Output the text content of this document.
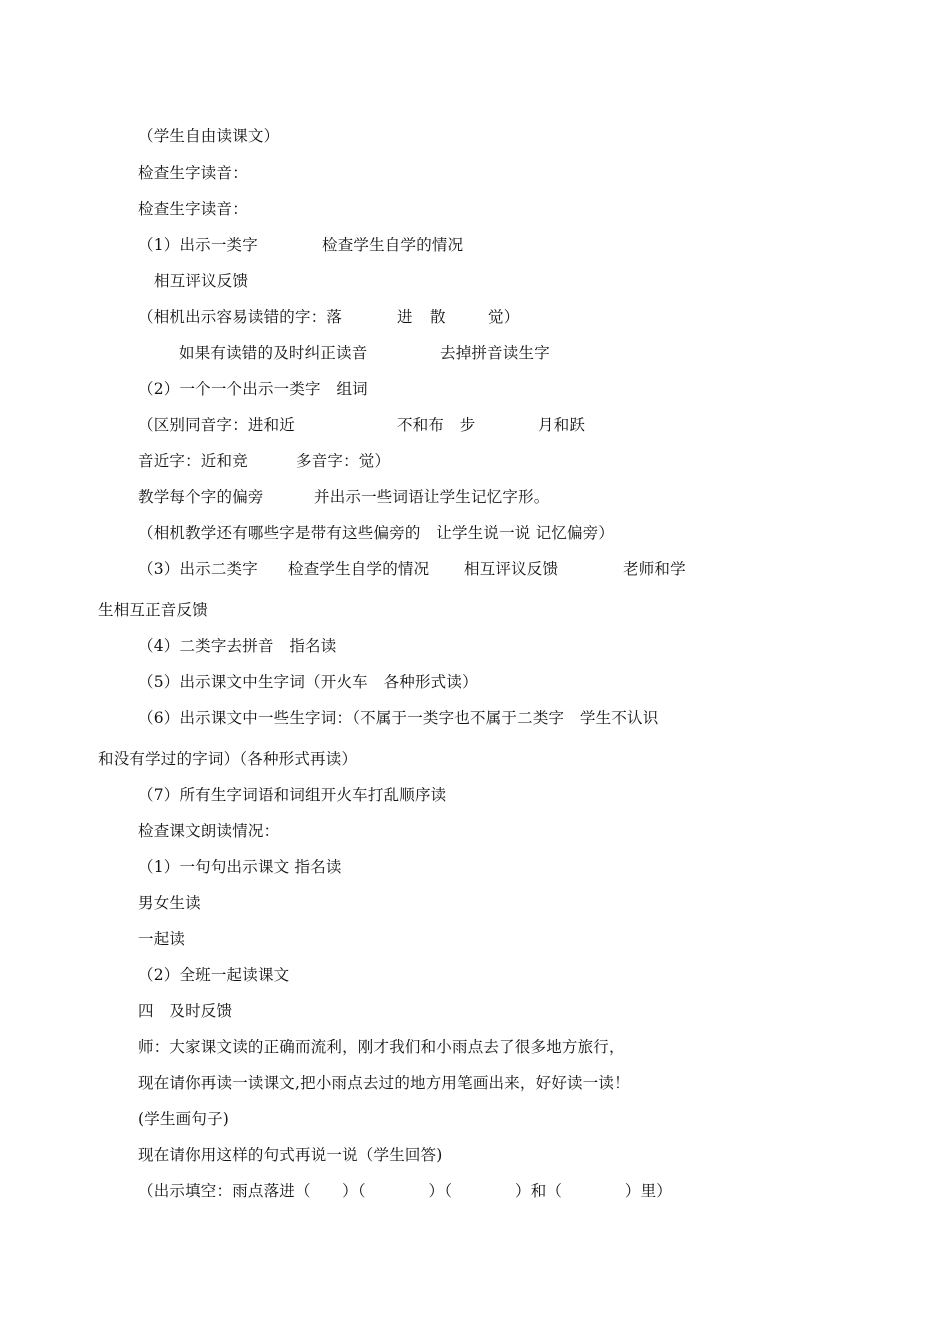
（学生自由读课文）
检查生字读音：
检查生字读音：

（1）出示一类字

	检查学生自学的情况

相互评议反馈

（相机出示容易读错的字：落

	进

散

	觉）

如果有读错的及时纠正读音

	去掉拼音读生字

（2）一个一个出示一类字　组词

（区别同音字：进和近

	不和布　步

	月和跃

音近字：近和竞

	多音字：觉）

教学每个字的偏旁

	并出示一些词语让学生记忆字形。

（相机教学还有哪些字是带有这些偏旁的　让学生说一说 记忆偏旁）

（3）出示二类字

检查学生自学的情况

相互评议反馈

	老师和学

生相互正音反馈
（4）二类字去拼音　指名读
（5）出示课文中生字词（开火车　各种形式读）
（6）出示课文中一些生字词：（不属于一类字也不属于二类字　学生不认识
和没有学过的字词）（各种形式再读）
（7）所有生字词语和词组开火车打乱顺序读
检查课文朗读情况：
（1）一句句出示课文 指名读
男女生读
一起读
（2）全班一起读课文
四　及时反馈
师：大家课文读的正确而流利，刚才我们和小雨点去了很多地方旅行，
现在请你再读一读课文,把小雨点去过的地方用笔画出来，好好读一读！
(学生画句子)
现在请你用这样的句式再说一说（学生回答)
（出示填空：雨点落进（　　）（　　　　）（　　　　）和（　　　　）里）
